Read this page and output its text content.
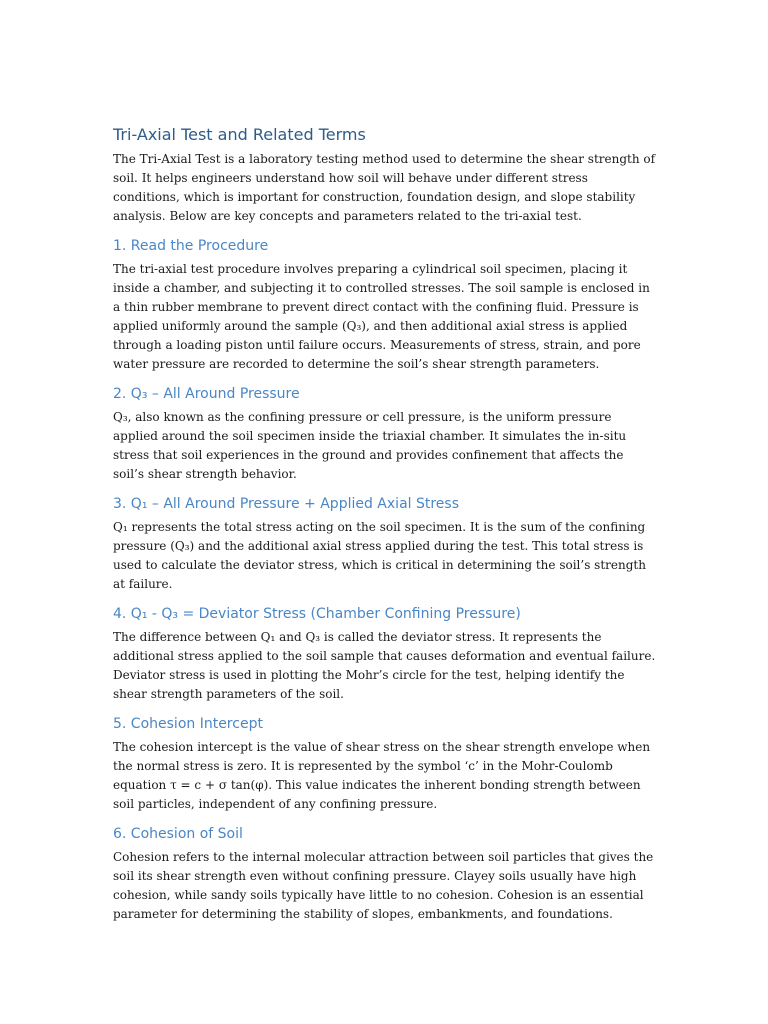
Tri-Axial Test and Related Terms

The Tri-Axial Test is a laboratory testing method used to determine the shear strength of soil. It helps engineers understand how soil will behave under different stress conditions, which is important for construction, foundation design, and slope stability analysis. Below are key concepts and parameters related to the tri-axial test.

1. Read the Procedure

The tri-axial test procedure involves preparing a cylindrical soil specimen, placing it inside a chamber, and subjecting it to controlled stresses. The soil sample is enclosed in a thin rubber membrane to prevent direct contact with the confining fluid. Pressure is applied uniformly around the sample (Q₃), and then additional axial stress is applied through a loading piston until failure occurs. Measurements of stress, strain, and pore water pressure are recorded to determine the soil’s shear strength parameters.

2. Q₃ – All Around Pressure

Q₃, also known as the confining pressure or cell pressure, is the uniform pressure applied around the soil specimen inside the triaxial chamber. It simulates the in-situ stress that soil experiences in the ground and provides confinement that affects the soil’s shear strength behavior.

3. Q₁ – All Around Pressure + Applied Axial Stress

Q₁ represents the total stress acting on the soil specimen. It is the sum of the confining pressure (Q₃) and the additional axial stress applied during the test. This total stress is used to calculate the deviator stress, which is critical in determining the soil’s strength at failure.

4. Q₁ - Q₃ = Deviator Stress (Chamber Confining Pressure)

The difference between Q₁ and Q₃ is called the deviator stress. It represents the additional stress applied to the soil sample that causes deformation and eventual failure. Deviator stress is used in plotting the Mohr’s circle for the test, helping identify the shear strength parameters of the soil.

5. Cohesion Intercept

The cohesion intercept is the value of shear stress on the shear strength envelope when the normal stress is zero. It is represented by the symbol ‘c’ in the Mohr-Coulomb equation τ = c + σ tan(φ). This value indicates the inherent bonding strength between soil particles, independent of any confining pressure.

6. Cohesion of Soil

Cohesion refers to the internal molecular attraction between soil particles that gives the soil its shear strength even without confining pressure. Clayey soils usually have high cohesion, while sandy soils typically have little to no cohesion. Cohesion is an essential parameter for determining the stability of slopes, embankments, and foundations.
